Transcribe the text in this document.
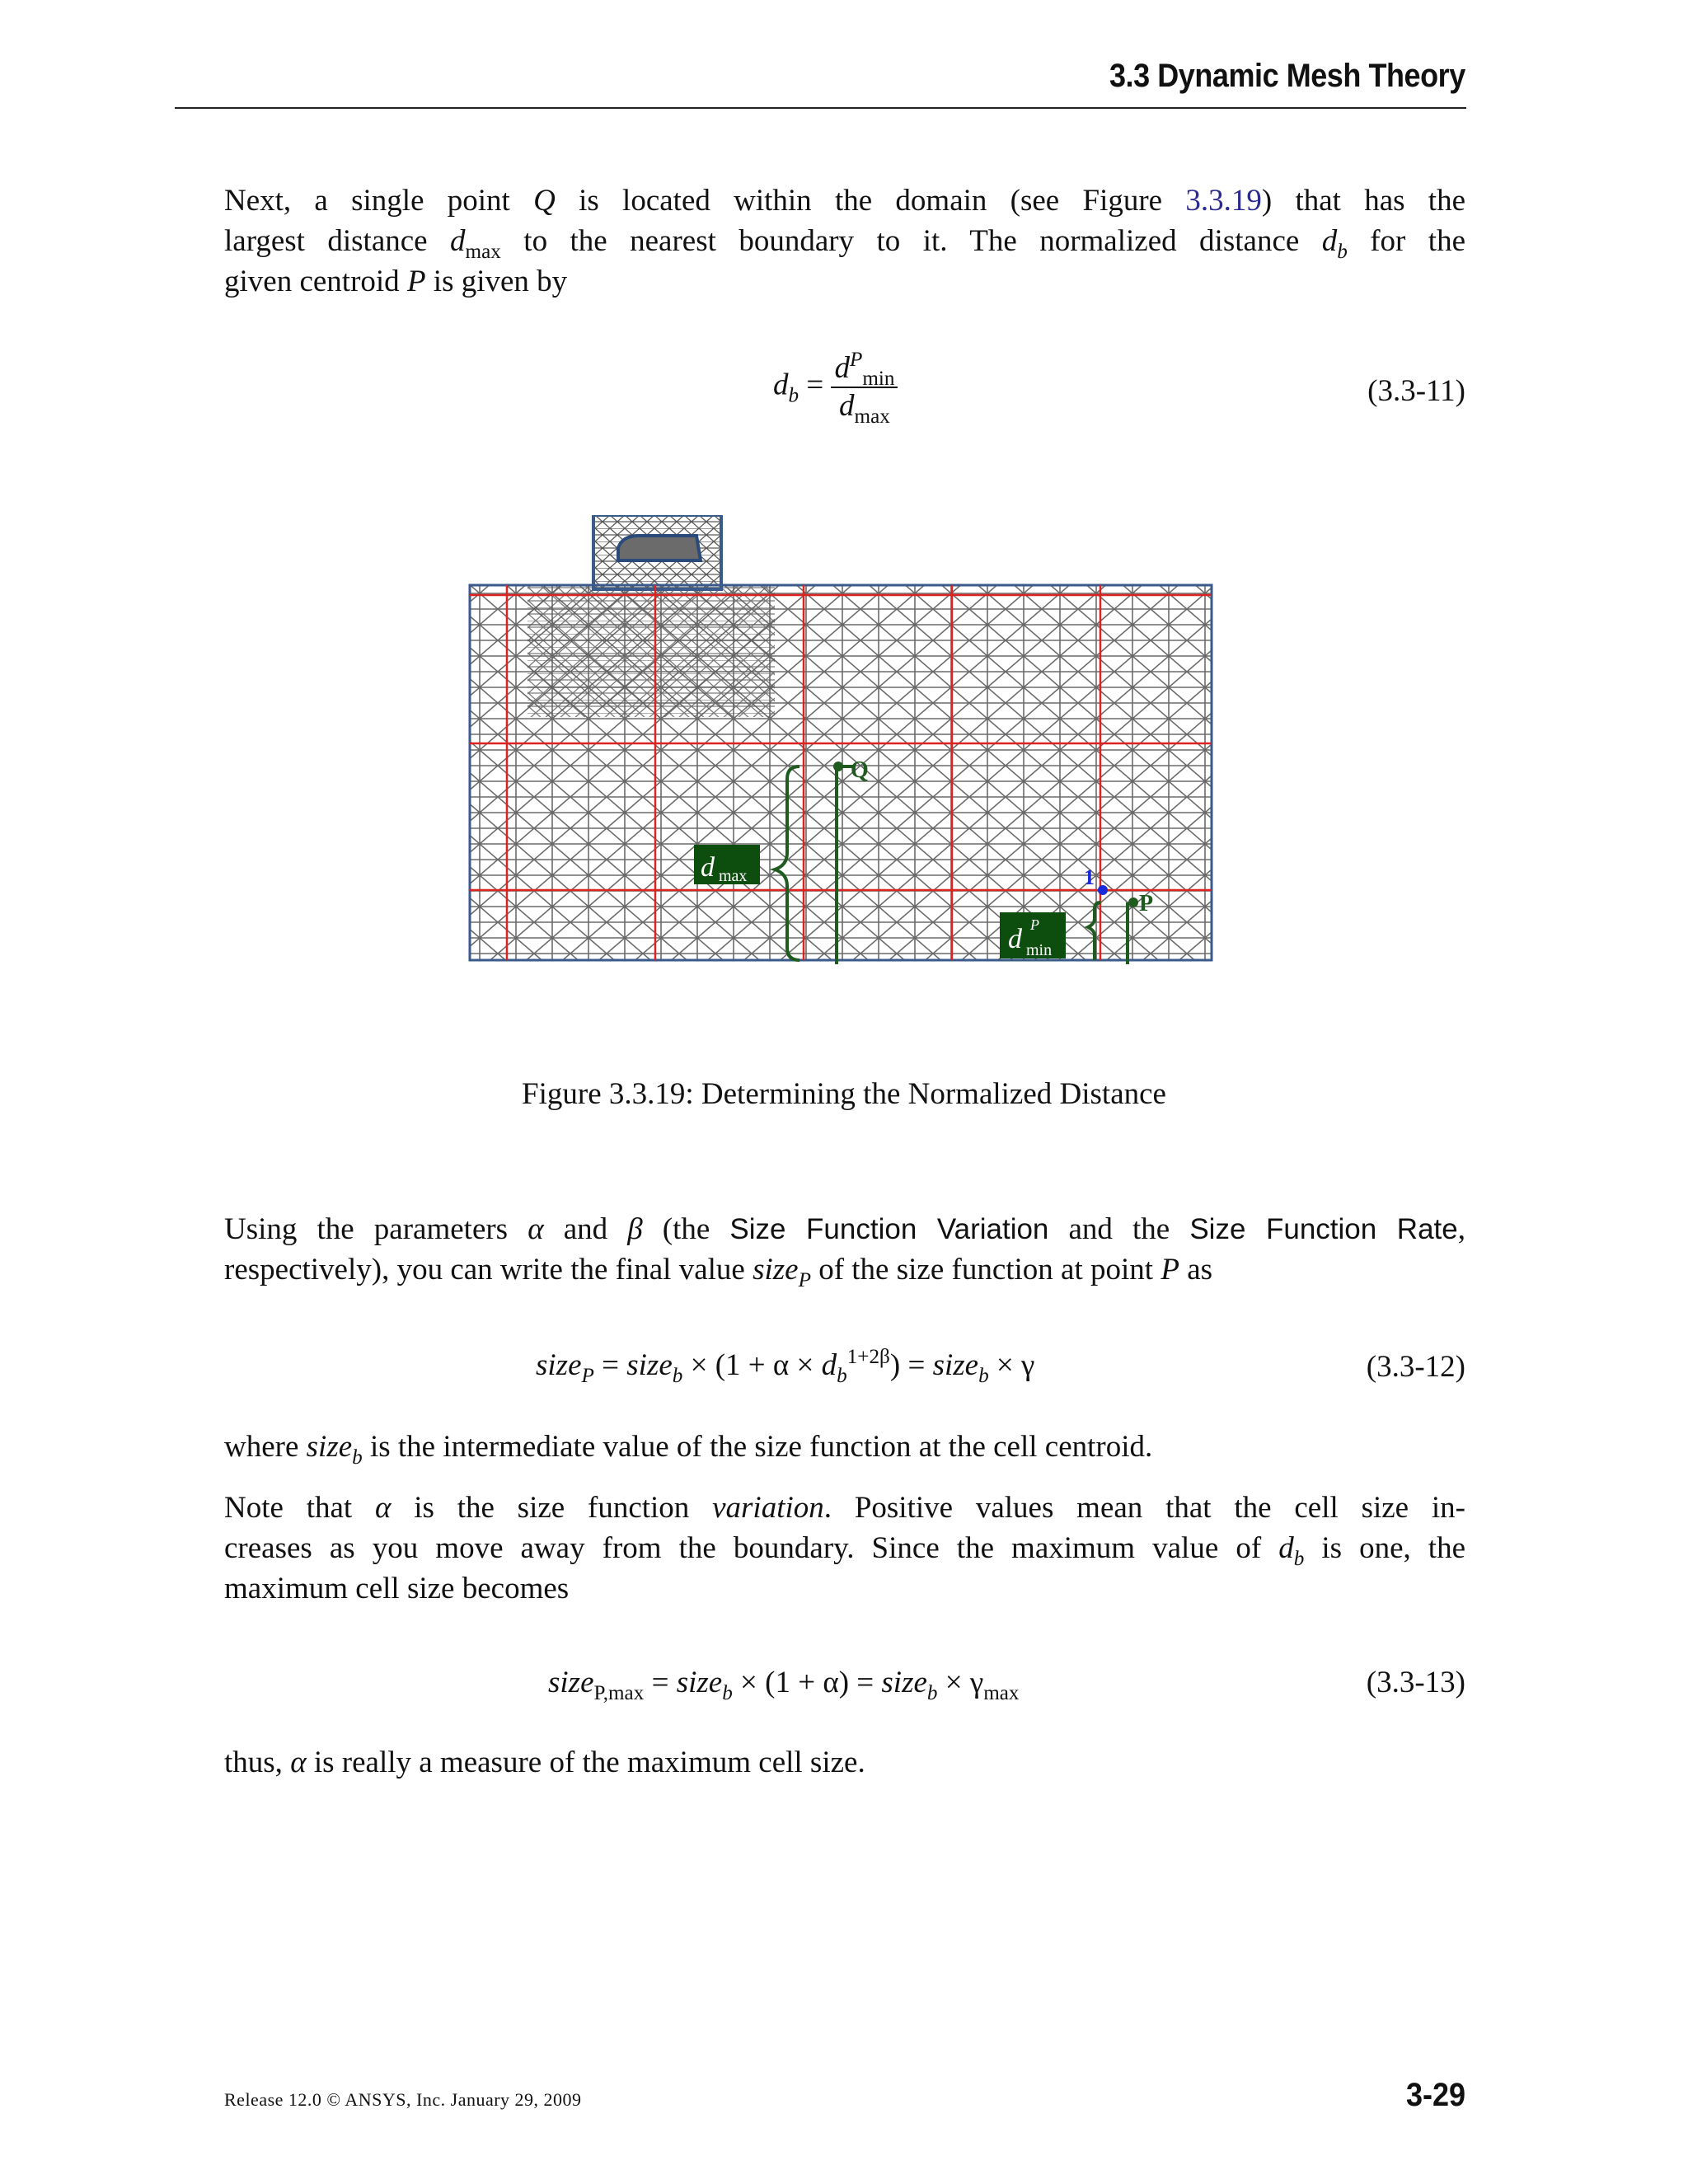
3.3 Dynamic Mesh Theory
Next, a single point Q is located within the domain (see Figure 3.3.19) that has the
largest distance $d_{max}$ to the nearest boundary to it. The normalized distance $d_b$ for the
given centroid P is given by
$d_b = \frac{d^P_{min}}{d_{max}}$	(3.3-11)
Q
P
1
d max
d P
min
Figure 3.3.19: Determining the Normalized Distance
Using the parameters α and β (the Size Function Variation and the Size Function Rate,
respectively), you can write the final value size$_P$ of the size function at point P as
size$_P$ = size$_b$ × $(1 + \alpha \times d_b^{1+2\beta})$ = size$_b$ × γ	(3.3-12)
where size$_b$ is the intermediate value of the size function at the cell centroid.
Note that α is the size function variation. Positive values mean that the cell size in-
creases as you move away from the boundary. Since the maximum value of $d_b$ is one, the
maximum cell size becomes
size$_{P,max}$ = size$_b$ × (1 + α) = size$_b$ × $\gamma_{max}$	(3.3-13)
thus, α is really a measure of the maximum cell size.
Release 12.0 © ANSYS, Inc. January 29, 2009	3-29
